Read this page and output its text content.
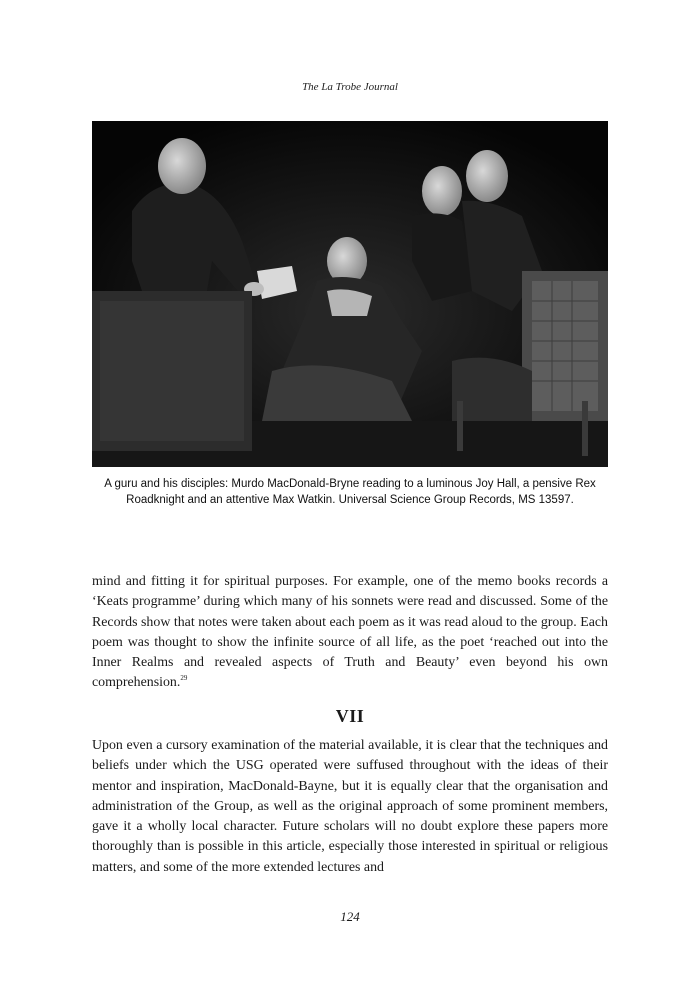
The La Trobe Journal
A guru and his disciples: Murdo MacDonald-Bryne reading to a luminous Joy Hall, a pensive Rex
Roadknight and an attentive Max Watkin. Universal Science Group Records, MS 13597.

mind and fitting it for spiritual purposes. For example, one of the memo books records a ‘Keats programme’ during which many of his sonnets were read and discussed. Some of the Records show that notes were taken about each poem as it was read aloud to the group. Each poem was thought to show the infinite source of all life, as the poet ‘reached out into the Inner Realms and revealed aspects of Truth and Beauty’ even beyond his own comprehension.$^{29}$

VII

Upon even a cursory examination of the material available, it is clear that the techniques and beliefs under which the USG operated were suffused throughout with the ideas of their mentor and inspiration, MacDonald-Bayne, but it is equally clear that the organisation and administration of the Group, as well as the original approach of some prominent members, gave it a wholly local character. Future scholars will no doubt explore these papers more thoroughly than is possible in this article, especially those interested in spiritual or religious matters, and some of the more extended lectures and

124
